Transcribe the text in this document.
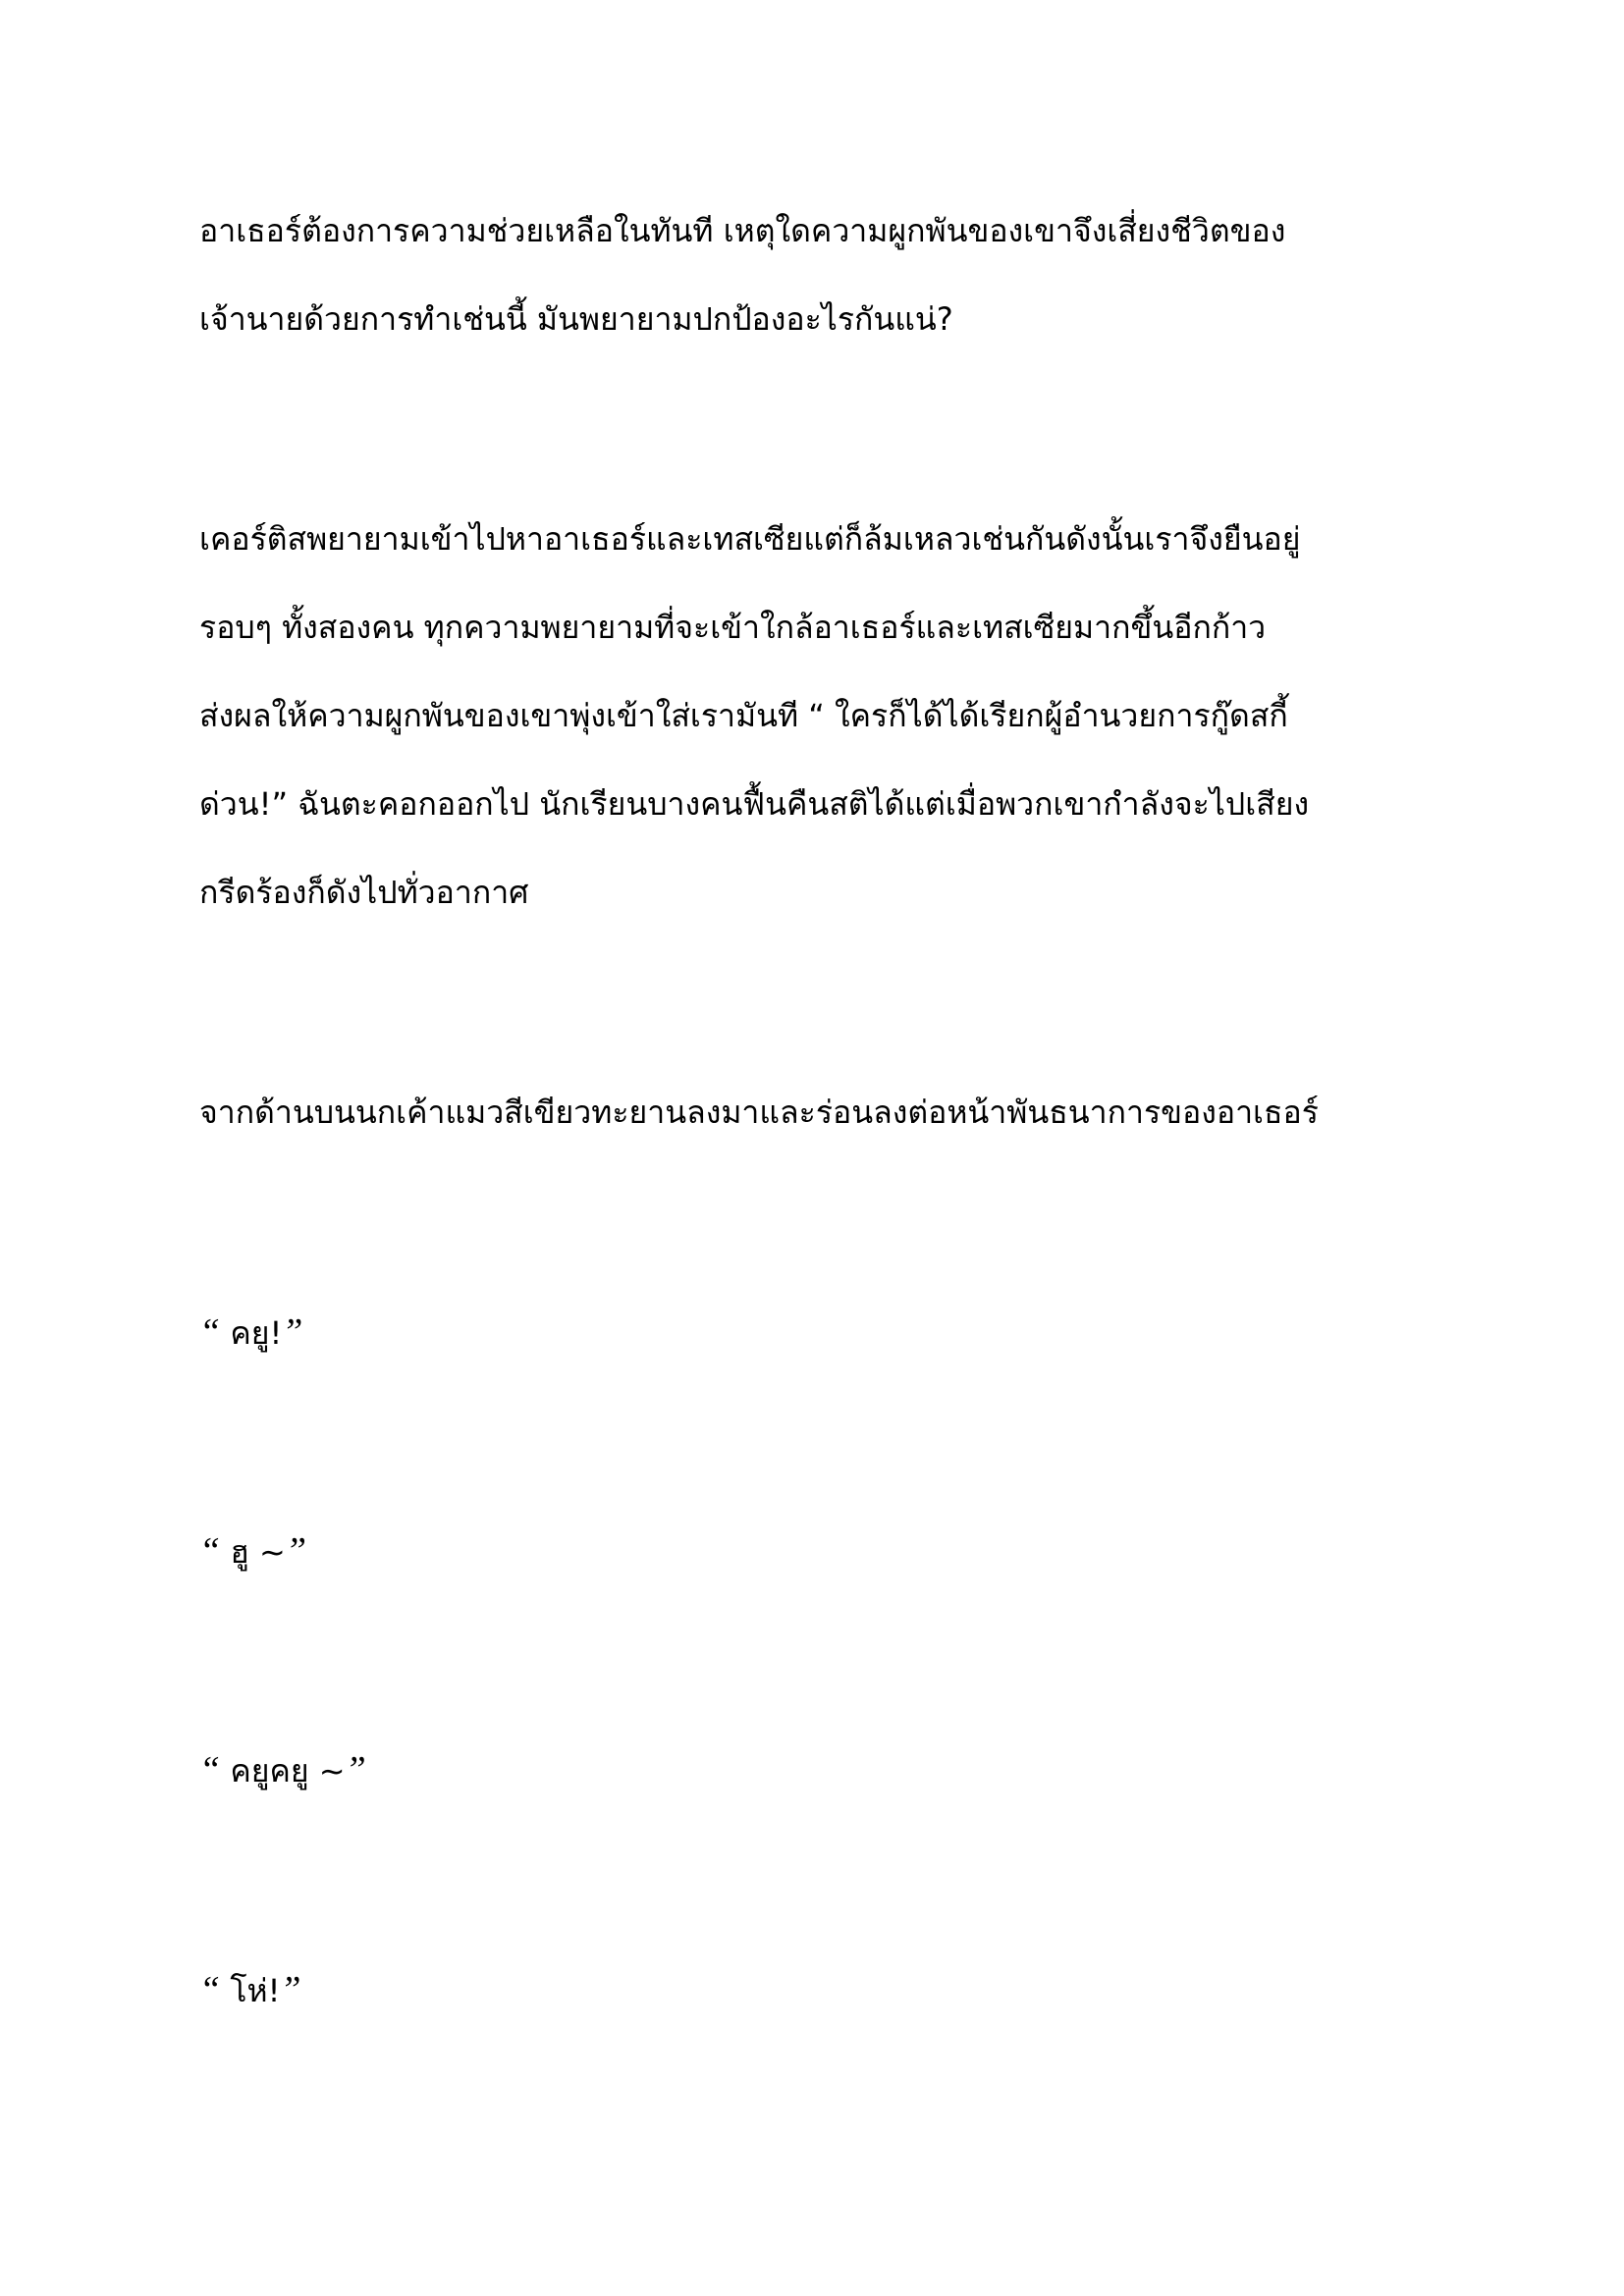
อาเธอร์ต้องการความช่วยเหลือในทันที เหตุใดความผูกพันของเขาจึงเสี่ยงชีวิตของ
เจ้านายด้วยการทำเช่นนี้ มันพยายามปกป้องอะไรกันแน่?
เคอร์ติสพยายามเข้าไปหาอาเธอร์และเทสเซียแต่ก็ล้มเหลวเช่นกันดังนั้นเราจึงยืนอยู่
รอบๆ ทั้งสองคน ทุกความพยายามที่จะเข้าใกล้อาเธอร์และเทสเซียมากขึ้นอีกก้าว
ส่งผลให้ความผูกพันของเขาพุ่งเข้าใส่เรามันที “ ใครก็ได้ได้เรียกผู้อำนวยการกู๊ดสกี้
ด่วน!” ฉันตะคอกออกไป นักเรียนบางคนฟื้นคืนสติได้แต่เมื่อพวกเขากำลังจะไปเสียง
กรีดร้องก็ดังไปทั่วอากาศ
จากด้านบนนกเค้าแมวสีเขียวทะยานลงมาและร่อนลงต่อหน้าพันธนาการของอาเธอร์
“ คยู!”
“ ฮู ~”
“ คยูคยู ~”
“ โห่!”
